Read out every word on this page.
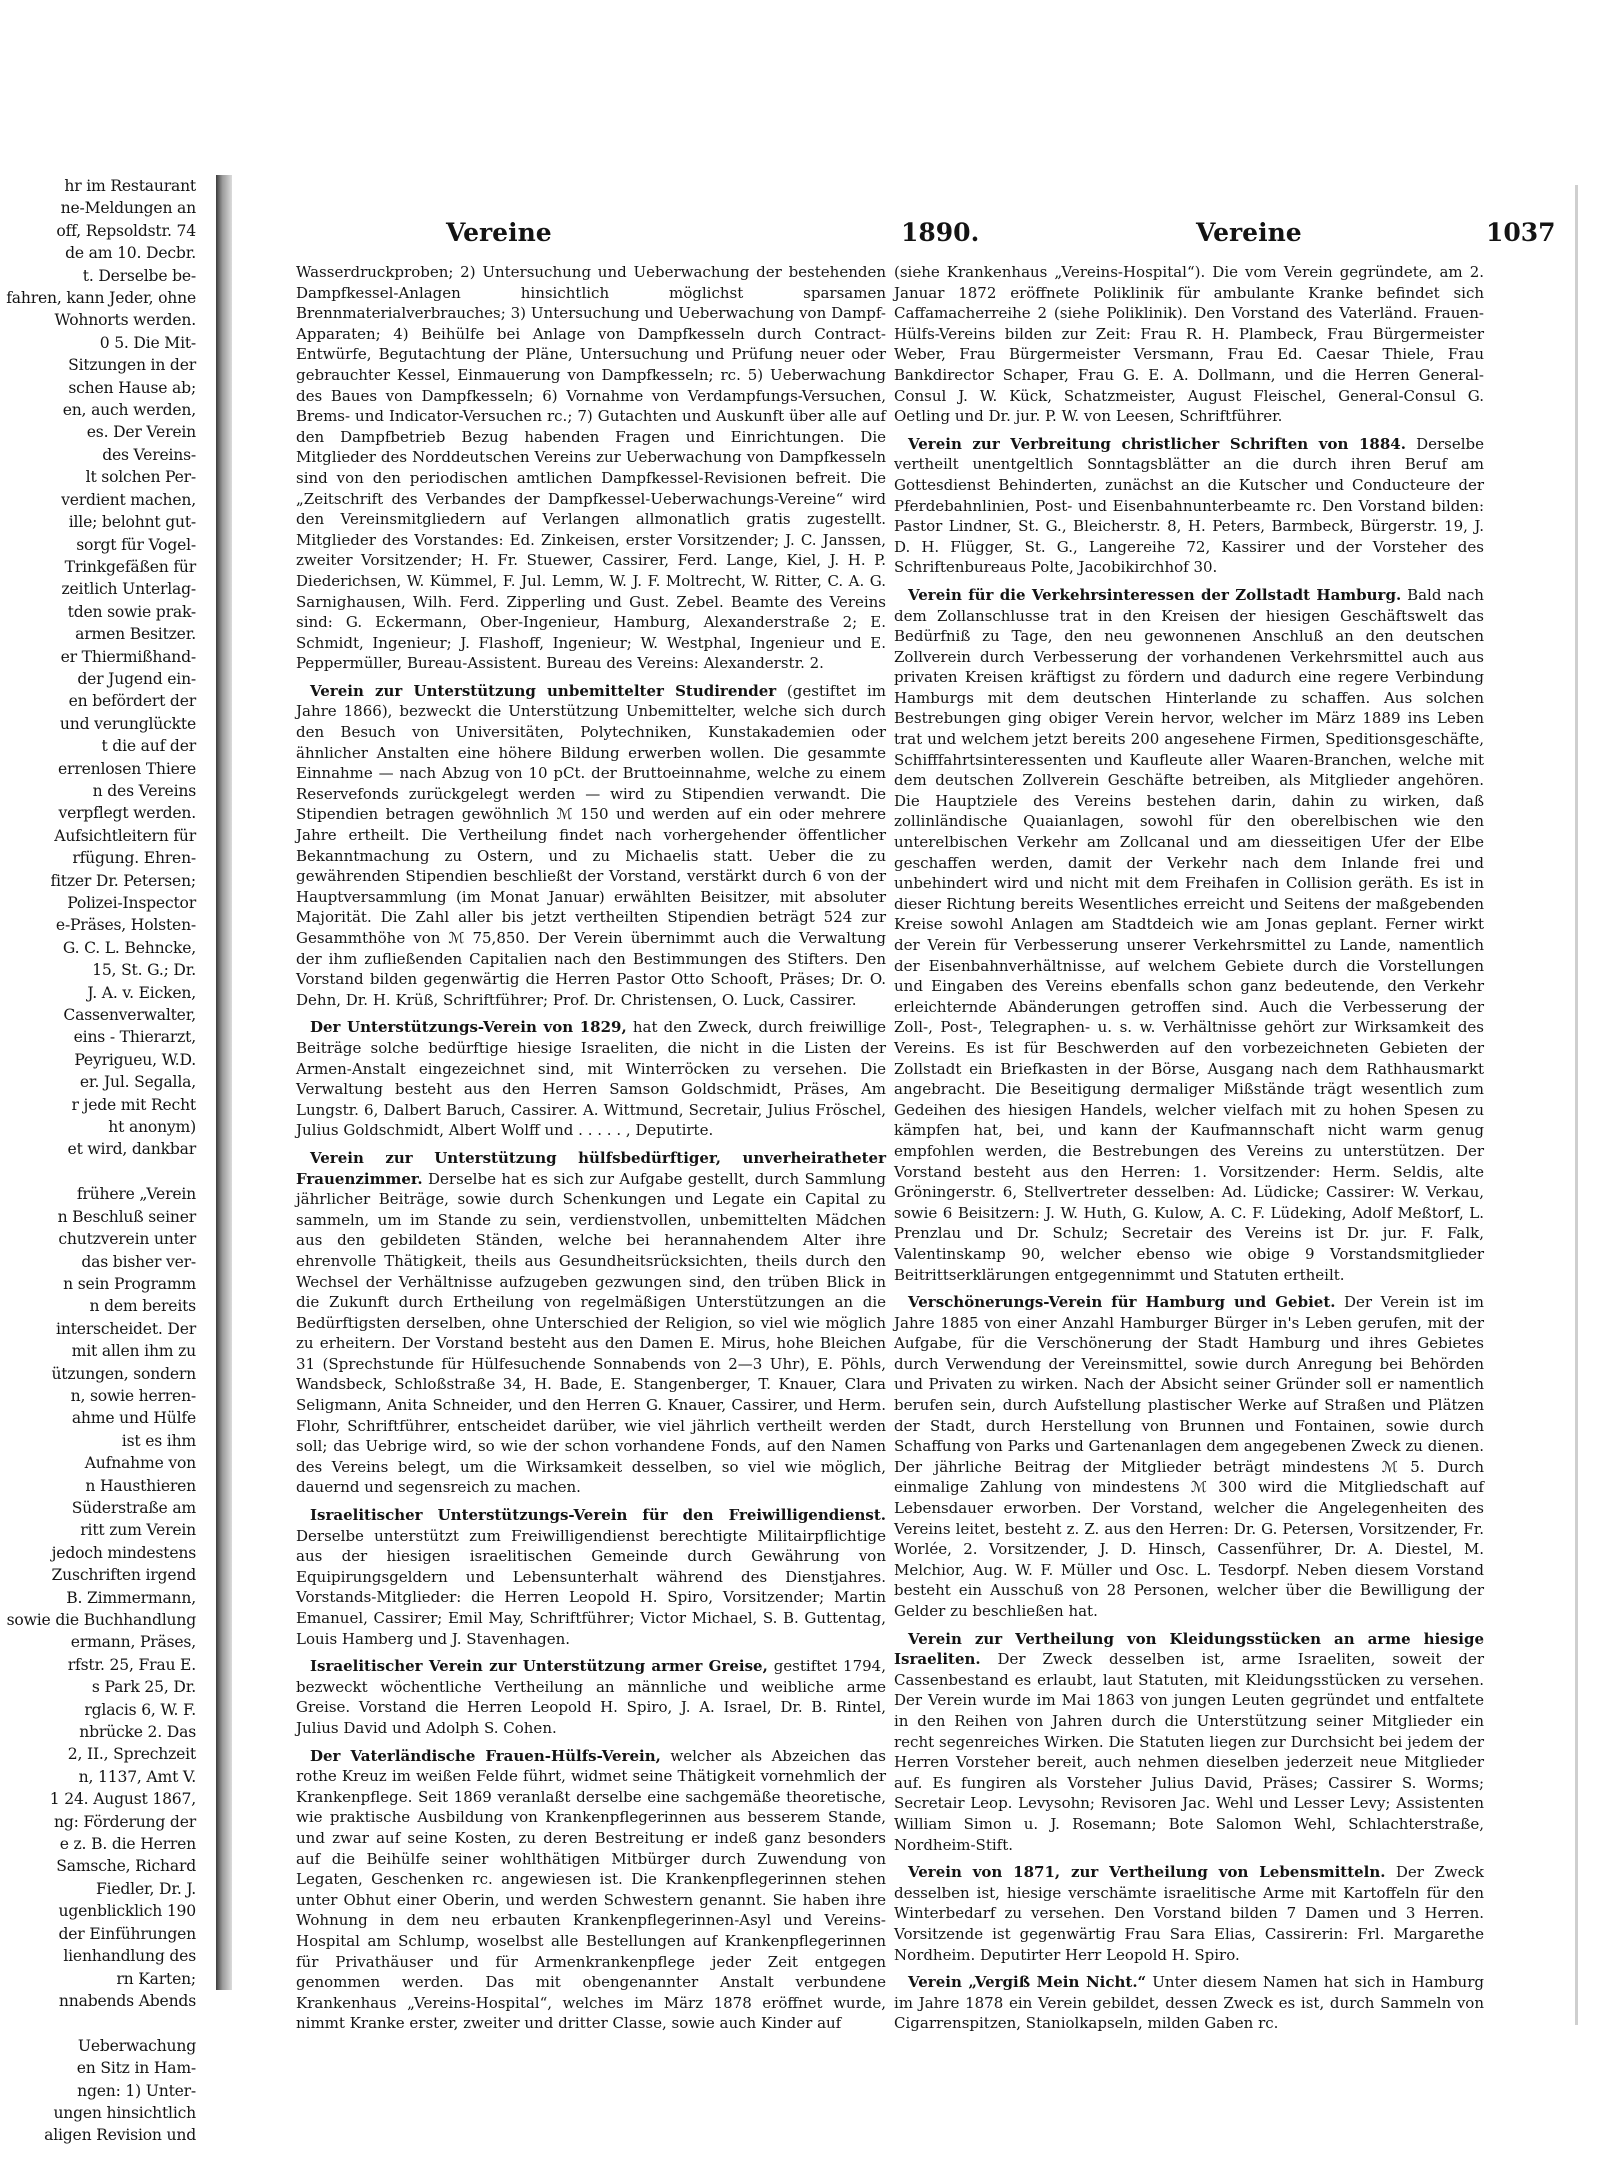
hr im Restaurant

ne-Meldungen an

off, Repsoldstr. 74

de am 10. Decbr.

t. Derselbe be-

fahren, kann Jeder, ohne

Wohnorts werden.

0 5. Die Mit-

Sitzungen in der

schen Hause ab;

en, auch werden,

es. Der Verein

des Vereins-

lt solchen Per-

verdient machen,

ille; belohnt gut-

sorgt für Vogel-

Trinkgefäßen für

zeitlich Unterlag-

tden sowie prak-

armen Besitzer.

er Thiermißhand-

der Jugend ein-

en befördert der

und verunglückte

t die auf der

errenlosen Thiere

n des Vereins

verpflegt werden.

Aufsichtleitern für

rfügung. Ehren-

fitzer Dr. Petersen;

Polizei-Inspector

e-Präses, Holsten-

G. C. L. Behncke,

15, St. G.; Dr.

J. A. v. Eicken,

Cassenverwalter,

eins - Thierarzt,

Peyrigueu, W.D.

er. Jul. Segalla,

r jede mit Recht

ht anonym)

et wird, dankbar

frühere „Verein

n Beschluß seiner

chutzverein unter

das bisher ver-

n sein Programm

n dem bereits

interscheidet. Der

mit allen ihm zu

ützungen, sondern

n, sowie herren-

ahme und Hülfe

ist es ihm

Aufnahme von

n Hausthieren

Süderstraße am

ritt zum Verein

jedoch mindestens

Zuschriften irgend

B. Zimmermann,

sowie die Buchhandlung

ermann, Präses,

rfstr. 25, Frau E.

s Park 25, Dr.

rglacis 6, W. F.

nbrücke 2. Das

2, II., Sprechzeit

n, 1137, Amt V.

1 24. August 1867,

ng: Förderung der

e z. B. die Herren

Samsche, Richard

Fiedler, Dr. J.

ugenblicklich 190

der Einführungen

lienhandlung des

rn Karten;

nnabends Abends

Ueberwachung

en Sitz in Ham-

ngen: 1) Unter-

ungen hinsichtlich

aligen Revision und

Vereine	1890.	Vereine	1037

Wasserdruckproben; 2) Untersuchung und Ueberwachung der bestehenden Dampfkessel-Anlagen hinsichtlich möglichst sparsamen Brennmaterialverbrauches; 3) Untersuchung und Ueberwachung von Dampf-Apparaten; 4) Beihülfe bei Anlage von Dampfkesseln durch Contract-Entwürfe, Begutachtung der Pläne, Untersuchung und Prüfung neuer oder gebrauchter Kessel, Einmauerung von Dampfkesseln; rc. 5) Ueberwachung des Baues von Dampfkesseln; 6) Vornahme von Verdampfungs-Versuchen, Brems- und Indicator-Versuchen rc.; 7) Gutachten und Auskunft über alle auf den Dampfbetrieb Bezug habenden Fragen und Einrichtungen. Die Mitglieder des Norddeutschen Vereins zur Ueberwachung von Dampfkesseln sind von den periodischen amtlichen Dampfkessel-Revisionen befreit. Die „Zeitschrift des Verbandes der Dampfkessel-Ueberwachungs-Vereine“ wird den Vereinsmitgliedern auf Verlangen allmonatlich gratis zugestellt. Mitglieder des Vorstandes: Ed. Zinkeisen, erster Vorsitzender; J. C. Janssen, zweiter Vorsitzender; H. Fr. Stuewer, Cassirer, Ferd. Lange, Kiel, J. H. P. Diederichsen, W. Kümmel, F. Jul. Lemm, W. J. F. Moltrecht, W. Ritter, C. A. G. Sarnighausen, Wilh. Ferd. Zipperling und Gust. Zebel. Beamte des Vereins sind: G. Eckermann, Ober-Ingenieur, Hamburg, Alexanderstraße 2; E. Schmidt, Ingenieur; J. Flashoff, Ingenieur; W. Westphal, Ingenieur und E. Peppermüller, Bureau-Assistent. Bureau des Vereins: Alexanderstr. 2.

Verein zur Unterstützung unbemittelter Studirender (gestiftet im Jahre 1866), bezweckt die Unterstützung Unbemittelter, welche sich durch den Besuch von Universitäten, Polytechniken, Kunstakademien oder ähnlicher Anstalten eine höhere Bildung erwerben wollen. Die gesammte Einnahme — nach Abzug von 10 pCt. der Bruttoeinnahme, welche zu einem Reservefonds zurückgelegt werden — wird zu Stipendien verwandt. Die Stipendien betragen gewöhnlich ℳ 150 und werden auf ein oder mehrere Jahre ertheilt. Die Vertheilung findet nach vorhergehender öffentlicher Bekanntmachung zu Ostern, und zu Michaelis statt. Ueber die zu gewährenden Stipendien beschließt der Vorstand, verstärkt durch 6 von der Hauptversammlung (im Monat Januar) erwählten Beisitzer, mit absoluter Majorität. Die Zahl aller bis jetzt vertheilten Stipendien beträgt 524 zur Gesammthöhe von ℳ 75,850. Der Verein übernimmt auch die Verwaltung der ihm zufließenden Capitalien nach den Bestimmungen des Stifters. Den Vorstand bilden gegenwärtig die Herren Pastor Otto Schooft, Präses; Dr. O. Dehn, Dr. H. Krüß, Schriftführer; Prof. Dr. Christensen, O. Luck, Cassirer.

Der Unterstützungs-Verein von 1829, hat den Zweck, durch freiwillige Beiträge solche bedürftige hiesige Israeliten, die nicht in die Listen der Armen-Anstalt eingezeichnet sind, mit Winterröcken zu versehen. Die Verwaltung besteht aus den Herren Samson Goldschmidt, Präses, Am Lungstr. 6, Dalbert Baruch, Cassirer. A. Wittmund, Secretair, Julius Fröschel, Julius Goldschmidt, Albert Wolff und . . . . . , Deputirte.

Verein zur Unterstützung hülfsbedürftiger, unverheiratheter Frauenzimmer. Derselbe hat es sich zur Aufgabe gestellt, durch Sammlung jährlicher Beiträge, sowie durch Schenkungen und Legate ein Capital zu sammeln, um im Stande zu sein, verdienstvollen, unbemittelten Mädchen aus den gebildeten Ständen, welche bei herannahendem Alter ihre ehrenvolle Thätigkeit, theils aus Gesundheitsrücksichten, theils durch den Wechsel der Verhältnisse aufzugeben gezwungen sind, den trüben Blick in die Zukunft durch Ertheilung von regelmäßigen Unterstützungen an die Bedürftigsten derselben, ohne Unterschied der Religion, so viel wie möglich zu erheitern. Der Vorstand besteht aus den Damen E. Mirus, hohe Bleichen 31 (Sprechstunde für Hülfesuchende Sonnabends von 2—3 Uhr), E. Pöhls, Wandsbeck, Schloßstraße 34, H. Bade, E. Stangenberger, T. Knauer, Clara Seligmann, Anita Schneider, und den Herren G. Knauer, Cassirer, und Herm. Flohr, Schriftführer, entscheidet darüber, wie viel jährlich vertheilt werden soll; das Uebrige wird, so wie der schon vorhandene Fonds, auf den Namen des Vereins belegt, um die Wirksamkeit desselben, so viel wie möglich, dauernd und segensreich zu machen.

Israelitischer Unterstützungs-Verein für den Freiwilligendienst. Derselbe unterstützt zum Freiwilligendienst berechtigte Militairpflichtige aus der hiesigen israelitischen Gemeinde durch Gewährung von Equipirungsgeldern und Lebensunterhalt während des Dienstjahres. Vorstands-Mitglieder: die Herren Leopold H. Spiro, Vorsitzender; Martin Emanuel, Cassirer; Emil May, Schriftführer; Victor Michael, S. B. Guttentag, Louis Hamberg und J. Stavenhagen.

Israelitischer Verein zur Unterstützung armer Greise, gestiftet 1794, bezweckt wöchentliche Vertheilung an männliche und weibliche arme Greise. Vorstand die Herren Leopold H. Spiro, J. A. Israel, Dr. B. Rintel, Julius David und Adolph S. Cohen.

Der Vaterländische Frauen-Hülfs-Verein, welcher als Abzeichen das rothe Kreuz im weißen Felde führt, widmet seine Thätigkeit vornehmlich der Krankenpflege. Seit 1869 veranlaßt derselbe eine sachgemäße theoretische, wie praktische Ausbildung von Krankenpflegerinnen aus besserem Stande, und zwar auf seine Kosten, zu deren Bestreitung er indeß ganz besonders auf die Beihülfe seiner wohlthätigen Mitbürger durch Zuwendung von Legaten, Geschenken rc. angewiesen ist. Die Krankenpflegerinnen stehen unter Obhut einer Oberin, und werden Schwestern genannt. Sie haben ihre Wohnung in dem neu erbauten Krankenpflegerinnen-Asyl und Vereins-Hospital am Schlump, woselbst alle Bestellungen auf Krankenpflegerinnen für Privathäuser und für Armenkrankenpflege jeder Zeit entgegen genommen werden. Das mit obengenannter Anstalt verbundene Krankenhaus „Vereins-Hospital“, welches im März 1878 eröffnet wurde, nimmt Kranke erster, zweiter und dritter Classe, sowie auch Kinder auf

(siehe Krankenhaus „Vereins-Hospital“). Die vom Verein gegründete, am 2. Januar 1872 eröffnete Poliklinik für ambulante Kranke befindet sich Caffamacherreihe 2 (siehe Poliklinik). Den Vorstand des Vaterländ. Frauen-Hülfs-Vereins bilden zur Zeit: Frau R. H. Plambeck, Frau Bürgermeister Weber, Frau Bürgermeister Versmann, Frau Ed. Caesar Thiele, Frau Bankdirector Schaper, Frau G. E. A. Dollmann, und die Herren General-Consul J. W. Kück, Schatzmeister, August Fleischel, General-Consul G. Oetling und Dr. jur. P. W. von Leesen, Schriftführer.

Verein zur Verbreitung christlicher Schriften von 1884. Derselbe vertheilt unentgeltlich Sonntagsblätter an die durch ihren Beruf am Gottesdienst Behinderten, zunächst an die Kutscher und Conducteure der Pferdebahnlinien, Post- und Eisenbahnunterbeamte rc. Den Vorstand bilden: Pastor Lindner, St. G., Bleicherstr. 8, H. Peters, Barmbeck, Bürgerstr. 19, J. D. H. Flügger, St. G., Langereihe 72, Kassirer und der Vorsteher des Schriftenbureaus Polte, Jacobikirchhof 30.

Verein für die Verkehrsinteressen der Zollstadt Hamburg. Bald nach dem Zollanschlusse trat in den Kreisen der hiesigen Geschäftswelt das Bedürfniß zu Tage, den neu gewonnenen Anschluß an den deutschen Zollverein durch Verbesserung der vorhandenen Verkehrsmittel auch aus privaten Kreisen kräftigst zu fördern und dadurch eine regere Verbindung Hamburgs mit dem deutschen Hinterlande zu schaffen. Aus solchen Bestrebungen ging obiger Verein hervor, welcher im März 1889 ins Leben trat und welchem jetzt bereits 200 angesehene Firmen, Speditionsgeschäfte, Schifffahrtsinteressenten und Kaufleute aller Waaren-Branchen, welche mit dem deutschen Zollverein Geschäfte betreiben, als Mitglieder angehören. Die Hauptziele des Vereins bestehen darin, dahin zu wirken, daß zollinländische Quaianlagen, sowohl für den oberelbischen wie den unterelbischen Verkehr am Zollcanal und am diesseitigen Ufer der Elbe geschaffen werden, damit der Verkehr nach dem Inlande frei und unbehindert wird und nicht mit dem Freihafen in Collision geräth. Es ist in dieser Richtung bereits Wesentliches erreicht und Seitens der maßgebenden Kreise sowohl Anlagen am Stadtdeich wie am Jonas geplant. Ferner wirkt der Verein für Verbesserung unserer Verkehrsmittel zu Lande, namentlich der Eisenbahnverhältnisse, auf welchem Gebiete durch die Vorstellungen und Eingaben des Vereins ebenfalls schon ganz bedeutende, den Verkehr erleichternde Abänderungen getroffen sind. Auch die Verbesserung der Zoll-, Post-, Telegraphen- u. s. w. Verhältnisse gehört zur Wirksamkeit des Vereins. Es ist für Beschwerden auf den vorbezeichneten Gebieten der Zollstadt ein Briefkasten in der Börse, Ausgang nach dem Rathhausmarkt angebracht. Die Beseitigung dermaliger Mißstände trägt wesentlich zum Gedeihen des hiesigen Handels, welcher vielfach mit zu hohen Spesen zu kämpfen hat, bei, und kann der Kaufmannschaft nicht warm genug empfohlen werden, die Bestrebungen des Vereins zu unterstützen. Der Vorstand besteht aus den Herren: 1. Vorsitzender: Herm. Seldis, alte Gröningerstr. 6, Stellvertreter desselben: Ad. Lüdicke; Cassirer: W. Verkau, sowie 6 Beisitzern: J. W. Huth, G. Kulow, A. C. F. Lüdeking, Adolf Meßtorf, L. Prenzlau und Dr. Schulz; Secretair des Vereins ist Dr. jur. F. Falk, Valentinskamp 90, welcher ebenso wie obige 9 Vorstandsmitglieder Beitrittserklärungen entgegennimmt und Statuten ertheilt.

Verschönerungs-Verein für Hamburg und Gebiet. Der Verein ist im Jahre 1885 von einer Anzahl Hamburger Bürger in's Leben gerufen, mit der Aufgabe, für die Verschönerung der Stadt Hamburg und ihres Gebietes durch Verwendung der Vereinsmittel, sowie durch Anregung bei Behörden und Privaten zu wirken. Nach der Absicht seiner Gründer soll er namentlich berufen sein, durch Aufstellung plastischer Werke auf Straßen und Plätzen der Stadt, durch Herstellung von Brunnen und Fontainen, sowie durch Schaffung von Parks und Gartenanlagen dem angegebenen Zweck zu dienen. Der jährliche Beitrag der Mitglieder beträgt mindestens ℳ 5. Durch einmalige Zahlung von mindestens ℳ 300 wird die Mitgliedschaft auf Lebensdauer erworben. Der Vorstand, welcher die Angelegenheiten des Vereins leitet, besteht z. Z. aus den Herren: Dr. G. Petersen, Vorsitzender, Fr. Worlée, 2. Vorsitzender, J. D. Hinsch, Cassenführer, Dr. A. Diestel, M. Melchior, Aug. W. F. Müller und Osc. L. Tesdorpf. Neben diesem Vorstand besteht ein Ausschuß von 28 Personen, welcher über die Bewilligung der Gelder zu beschließen hat.

Verein zur Vertheilung von Kleidungsstücken an arme hiesige Israeliten. Der Zweck desselben ist, arme Israeliten, soweit der Cassenbestand es erlaubt, laut Statuten, mit Kleidungsstücken zu versehen. Der Verein wurde im Mai 1863 von jungen Leuten gegründet und entfaltete in den Reihen von Jahren durch die Unterstützung seiner Mitglieder ein recht segenreiches Wirken. Die Statuten liegen zur Durchsicht bei jedem der Herren Vorsteher bereit, auch nehmen dieselben jederzeit neue Mitglieder auf. Es fungiren als Vorsteher Julius David, Präses; Cassirer S. Worms; Secretair Leop. Levysohn; Revisoren Jac. Wehl und Lesser Levy; Assistenten William Simon u. J. Rosemann; Bote Salomon Wehl, Schlachterstraße, Nordheim-Stift.

Verein von 1871, zur Vertheilung von Lebensmitteln. Der Zweck desselben ist, hiesige verschämte israelitische Arme mit Kartoffeln für den Winterbedarf zu versehen. Den Vorstand bilden 7 Damen und 3 Herren. Vorsitzende ist gegenwärtig Frau Sara Elias, Cassirerin: Frl. Margarethe Nordheim. Deputirter Herr Leopold H. Spiro.

Verein „Vergiß Mein Nicht.“ Unter diesem Namen hat sich in Hamburg im Jahre 1878 ein Verein gebildet, dessen Zweck es ist, durch Sammeln von Cigarrenspitzen, Staniolkapseln, milden Gaben rc.
